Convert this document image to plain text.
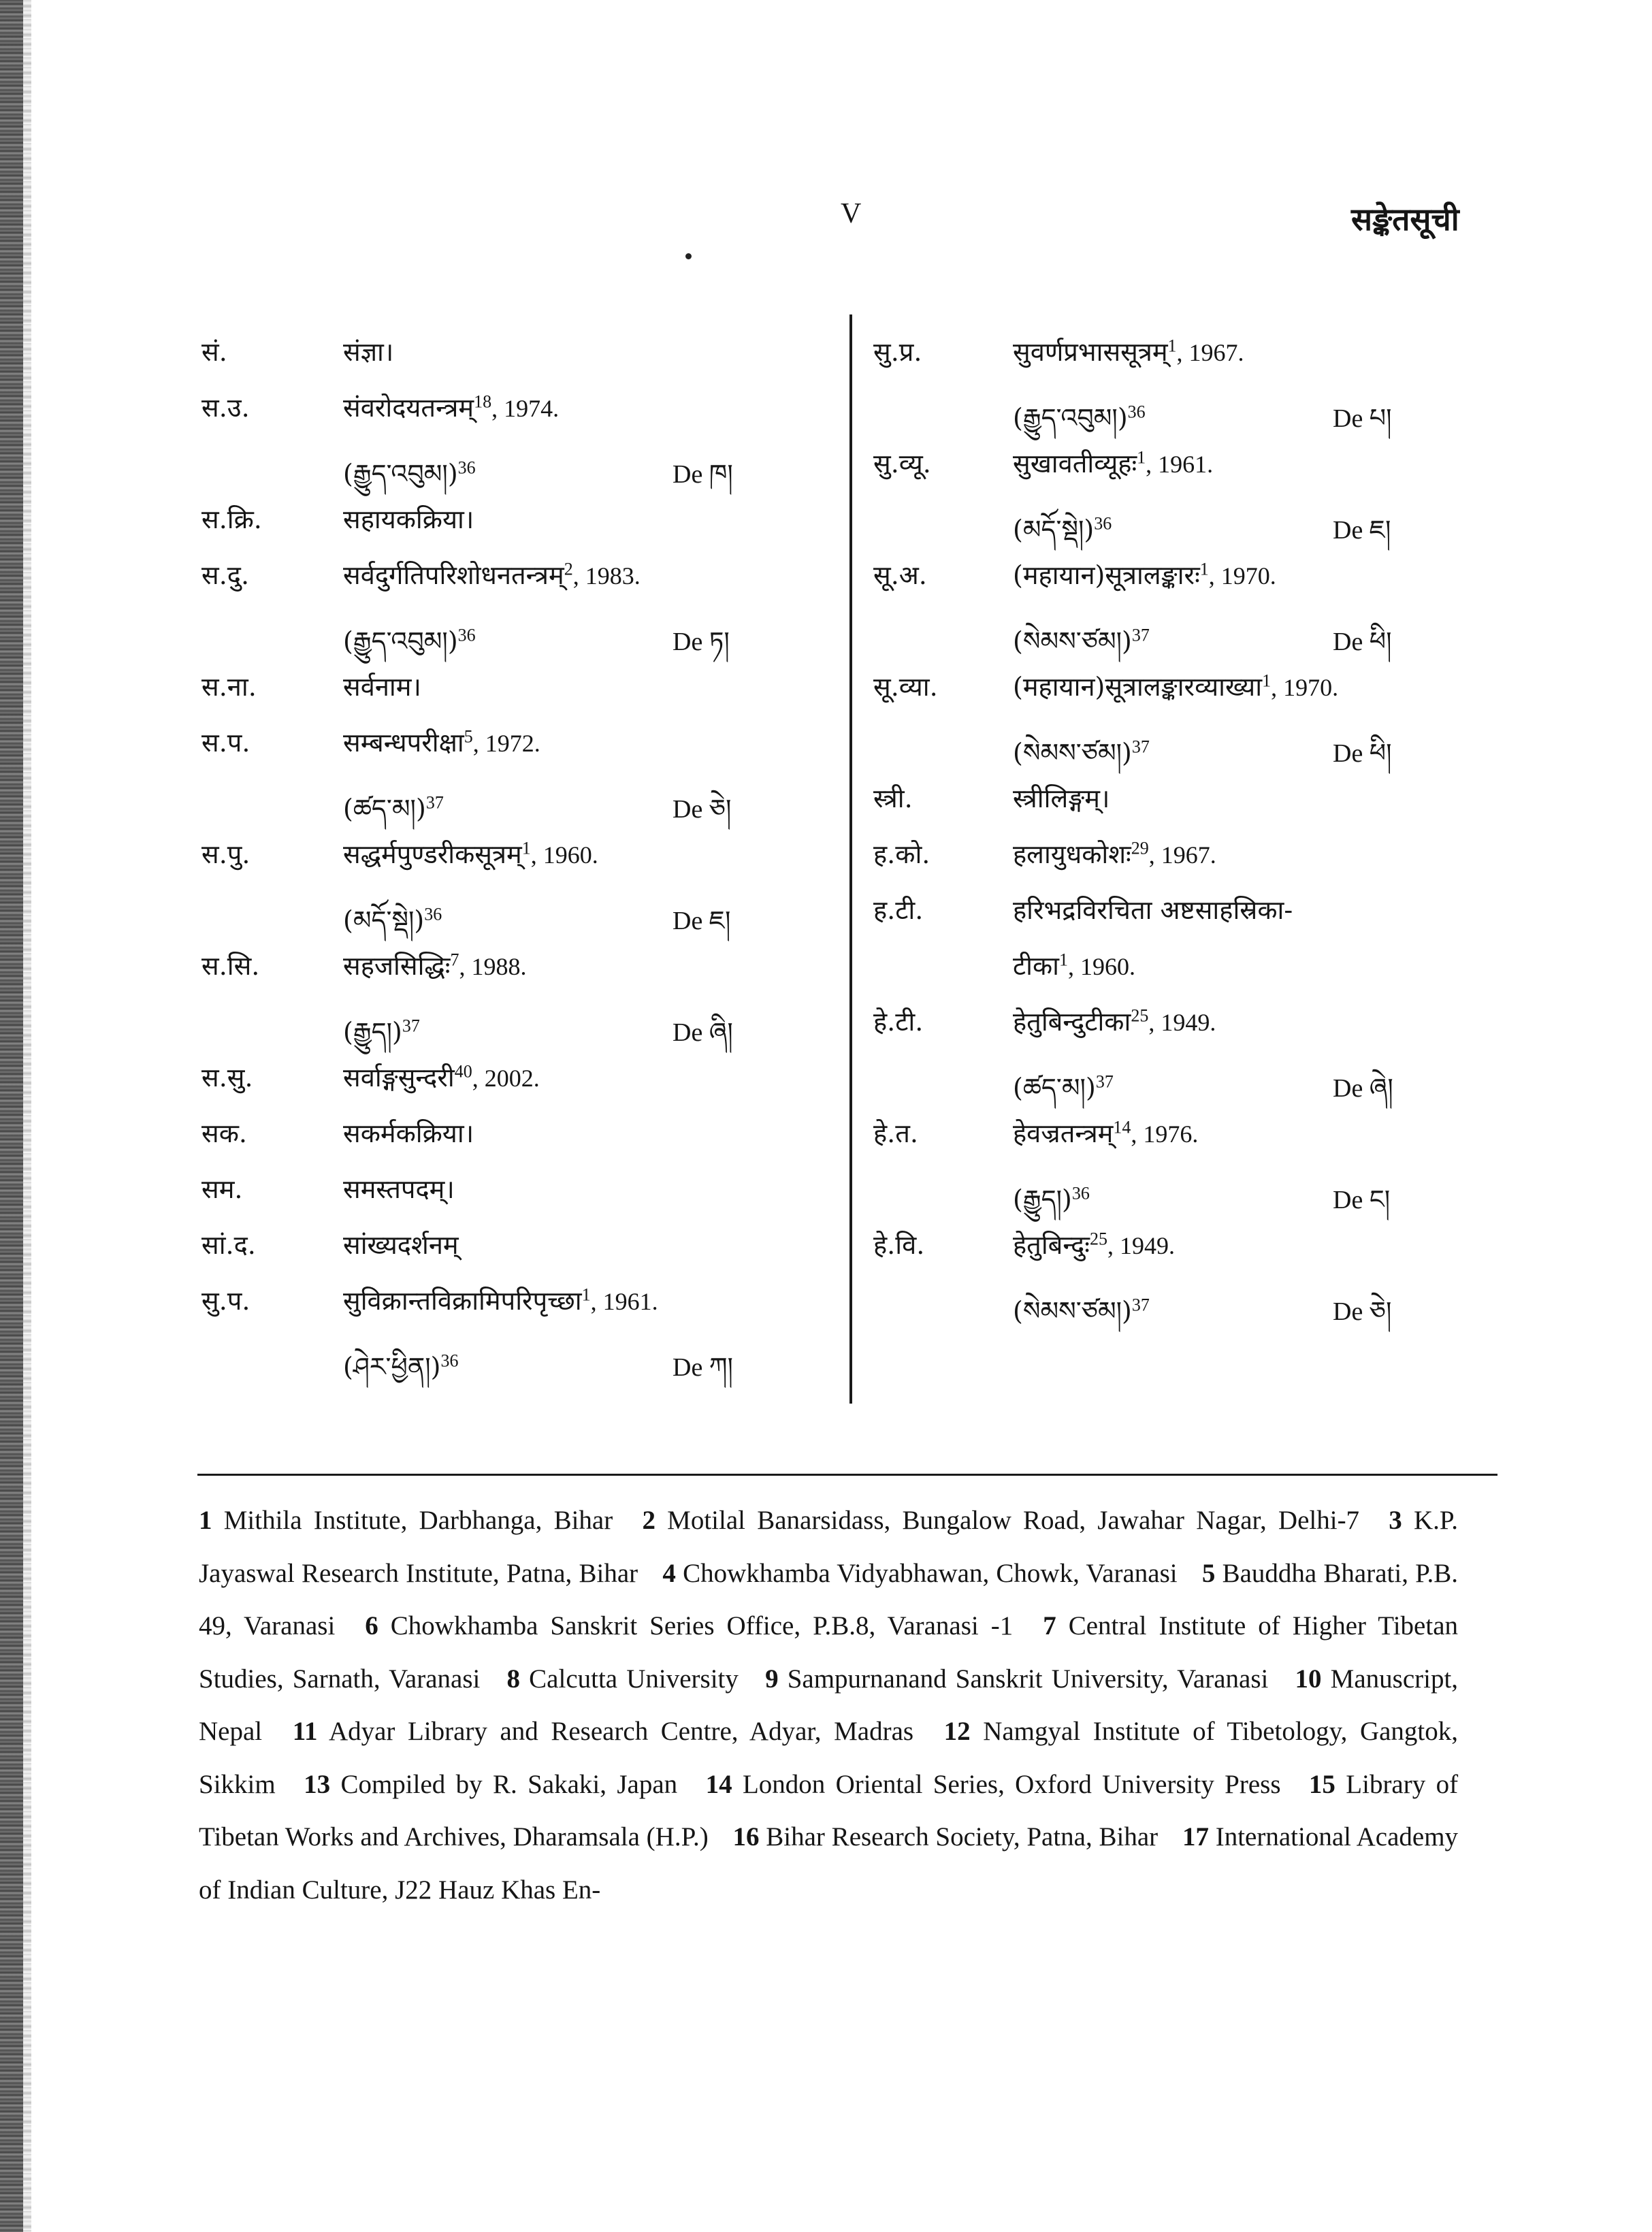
V	सङ्केतसूची
सं.	संज्ञा।
स.उ.	संवरोदयतन्त्रम्$^{18}$, 1974.
(རྒྱུད་འབུམ།)$^{36}$	De ཁ།
स.क्रि.	सहायकक्रिया।
स.दु.	सर्वदुर्गतिपरिशोधनतन्त्रम्$^2$, 1983.
(རྒྱུད་འབུམ།)$^{36}$	De ཏ།
स.ना.	सर्वनाम।
स.प.	सम्बन्धपरीक्षा$^5$, 1972.
(ཚད་མ།)$^{37}$	De ཅེ།
स.पु.	सद्धर्मपुण्डरीकसूत्रम्$^1$, 1960.
(མདོ་སྡེ།)$^{36}$	De ཇ།
स.सि.	सहजसिद्धिः$^7$, 1988.
(རྒྱུད།)$^{37}$	De ཞི།
स.सु.	सर्वाङ्गसुन्दरी$^{40}$, 2002.
सक.	सकर्मकक्रिया।
सम.	समस्तपदम्।
सां.द.	सांख्यदर्शनम्
सु.प.	सुविक्रान्तविक्रामिपरिपृच्छा$^1$, 1961.
(ཤེར་ཕྱིན།)$^{36}$	De ཀ།
सु.प्र.	सुवर्णप्रभाससूत्रम्$^1$, 1967.
(རྒྱུད་འབུམ།)$^{36}$	De པ།
सु.व्यू.	सुखावतीव्यूहः$^1$, 1961.
(མདོ་སྡེ།)$^{36}$	De ཇ།
सू.अ.	(महायान)सूत्रालङ्कारः$^1$, 1970.
(སེམས་ཙམ།)$^{37}$	De ཕི།
सू.व्या.	(महायान)सूत्रालङ्कारव्याख्या$^1$, 1970.
(སེམས་ཙམ།)$^{37}$	De ཕི།
स्त्री.	स्त्रीलिङ्गम्।
ह.को.	हलायुधकोशः$^{29}$, 1967.
ह.टी.	हरिभद्रविरचिता अष्टसाहस्रिका-
टीका$^1$, 1960.
हे.टी.	हेतुबिन्दुटीका$^{25}$, 1949.
(ཚད་མ།)$^{37}$	De ཞེ།
हे.त.	हेवज्रतन्त्रम्$^{14}$, 1976.
(རྒྱུད།)$^{36}$	De ང།
हे.वि.	हेतुबिन्दुः$^{25}$, 1949.
(སེམས་ཙམ།)$^{37}$	De ཅེ།
1 Mithila Institute, Darbhanga, Bihar 2 Motilal Banarsidass, Bungalow Road, Jawahar Nagar, Delhi-7 3 K.P. Jayaswal Research Institute, Patna, Bihar 4 Chowkhamba Vidyabhawan, Chowk, Varanasi 5 Bauddha Bharati, P.B. 49, Varanasi 6 Chowkhamba Sanskrit Series Office, P.B.8, Varanasi -1 7 Central Institute of Higher Tibetan Studies, Sarnath, Varanasi 8 Calcutta University 9 Sampurnanand Sanskrit University, Varanasi 10 Manuscript, Nepal 11 Adyar Library and Research Centre, Adyar, Madras 12 Namgyal Institute of Tibetology, Gangtok, Sikkim 13 Compiled by R. Sakaki, Japan 14 London Oriental Series, Oxford University Press 15 Library of Tibetan Works and Archives, Dharamsala (H.P.) 16 Bihar Research Society, Patna, Bihar 17 International Academy of Indian Culture, J22 Hauz Khas En-
